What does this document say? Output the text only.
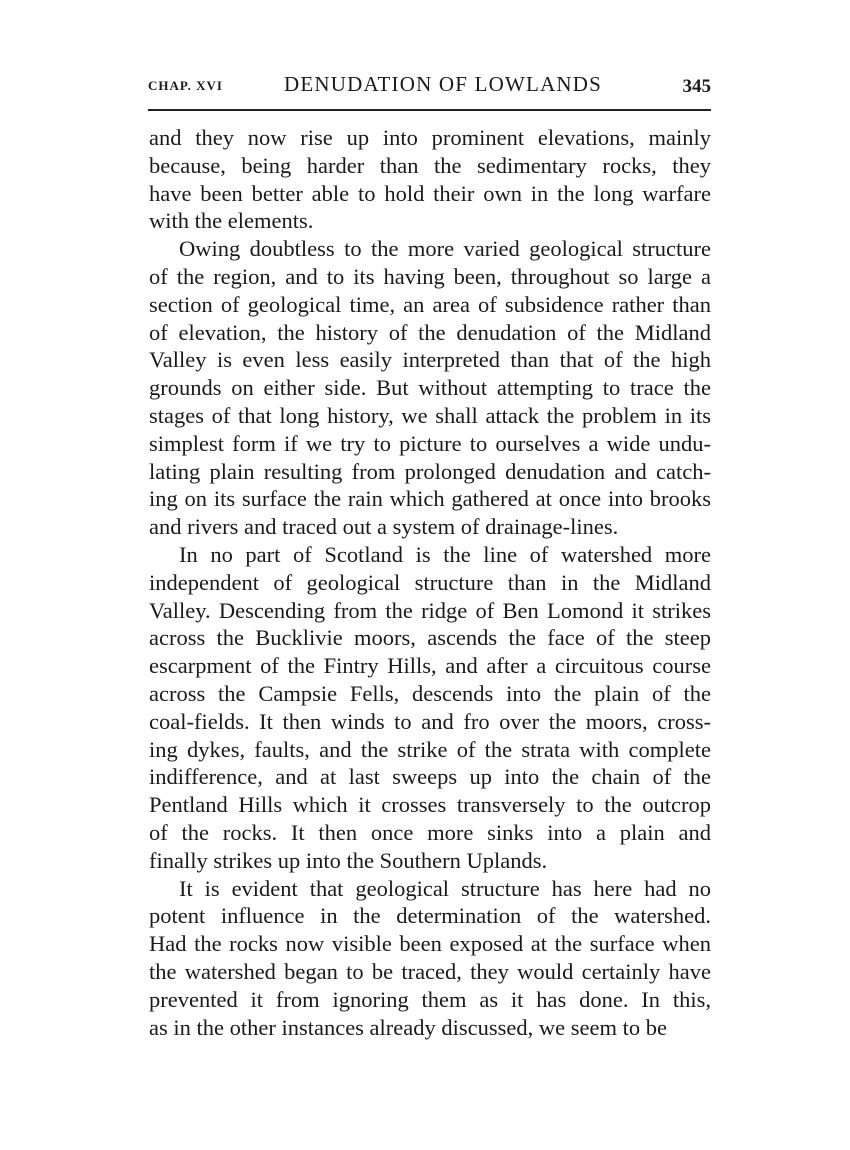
CHAP. XVI	DENUDATION OF LOWLANDS	345
and they now rise up into prominent elevations, mainly
because, being harder than the sedimentary rocks, they
have been better able to hold their own in the long warfare
with the elements.
Owing doubtless to the more varied geological structure
of the region, and to its having been, throughout so large a
section of geological time, an area of subsidence rather than
of elevation, the history of the denudation of the Midland
Valley is even less easily interpreted than that of the high
grounds on either side. But without attempting to trace the
stages of that long history, we shall attack the problem in its
simplest form if we try to picture to ourselves a wide undu-
lating plain resulting from prolonged denudation and catch-
ing on its surface the rain which gathered at once into brooks
and rivers and traced out a system of drainage-lines.
In no part of Scotland is the line of watershed more
independent of geological structure than in the Midland
Valley. Descending from the ridge of Ben Lomond it strikes
across the Bucklivie moors, ascends the face of the steep
escarpment of the Fintry Hills, and after a circuitous course
across the Campsie Fells, descends into the plain of the
coal-fields. It then winds to and fro over the moors, cross-
ing dykes, faults, and the strike of the strata with complete
indifference, and at last sweeps up into the chain of the
Pentland Hills which it crosses transversely to the outcrop
of the rocks. It then once more sinks into a plain and
finally strikes up into the Southern Uplands.
It is evident that geological structure has here had no
potent influence in the determination of the watershed.
Had the rocks now visible been exposed at the surface when
the watershed began to be traced, they would certainly have
prevented it from ignoring them as it has done. In this,
as in the other instances already discussed, we seem to be
